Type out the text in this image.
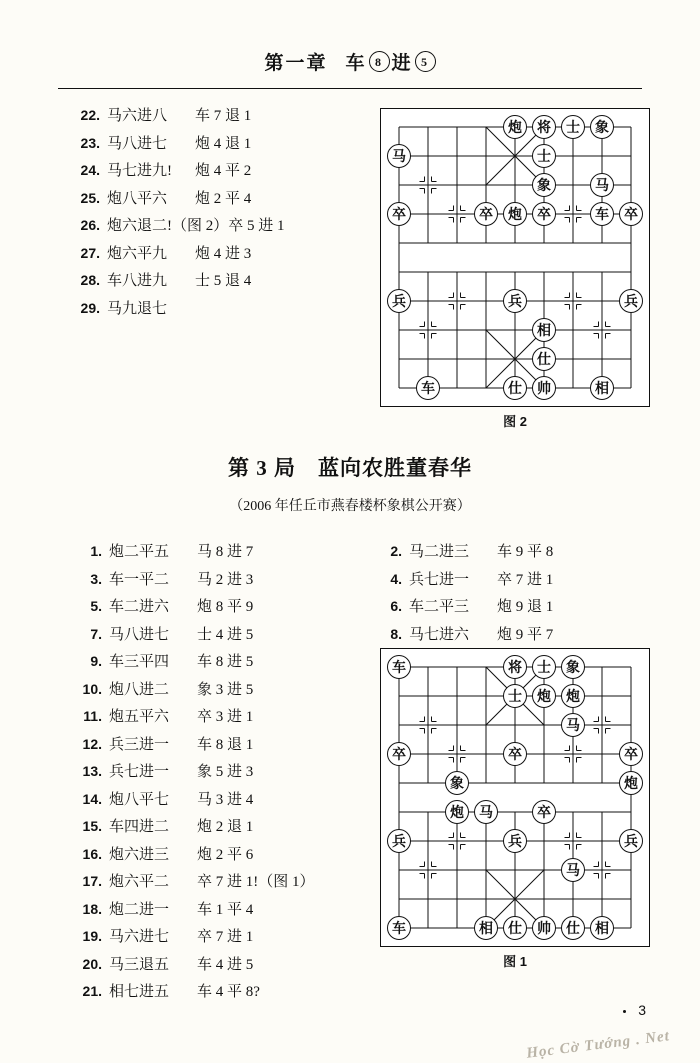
第一章 车 8 进 5
22. 马六进八	车 7 退 1
23. 马八进七	炮 4 退 1
24. 马七进九!	炮 4 平 2
25. 炮八平六	炮 2 平 4
26. 炮六退二!（图 2） 卒 5 进 1
27. 炮六平九	炮 4 进 3
28. 车八进九	士 5 退 4
29. 马九退七
炮	将	士	象
马	士
象	马
卒	卒	炮	卒	车	卒
兵	兵	兵
相
仕
车	仕	帅	相
图 2
第 3 局　蓝向农胜董春华
（2006 年任丘市燕春楼杯象棋公开赛）
1. 炮二平五	马 8 进 7
3. 车一平二	马 2 进 3
5. 车二进六	炮 8 平 9
7. 马八进七	士 4 进 5
9. 车三平四	车 8 进 5
10. 炮八进二	象 3 进 5
11. 炮五平六	卒 3 进 1
12. 兵三进一	车 8 退 1
13. 兵七进一	象 5 进 3
14. 炮八平七	马 3 进 4
15. 车四进二	炮 2 退 1
16. 炮六进三	炮 2 平 6
17. 炮六平二	卒 7 进 1!（图 1）
18. 炮二进一	车 1 平 4
19. 马六进七	卒 7 进 1
20. 马三退五	车 4 进 5
21. 相七进五	车 4 平 8?
2. 马二进三	车 9 平 8
4. 兵七进一	卒 7 进 1
6. 车二平三	炮 9 退 1
8. 马七进六	炮 9 平 7
车	将	士	象
士	炮	炮
马
卒	卒	卒
象	炮
炮	马	卒
兵	兵	兵
马
车	相	仕	帅	仕	相
图 1
3
Học Cờ Tướng . Net
